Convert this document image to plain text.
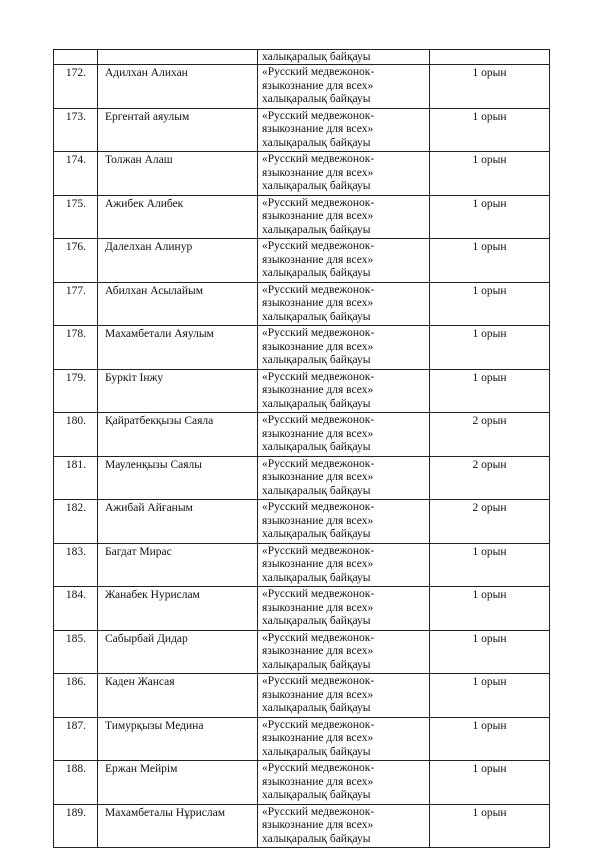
		халықаралық байқауы	

172.	Адилхан Алихан	«Русский медвежонок-
языкознание для всех»
халықаралық байқауы	1 орын
173.	Ергентай аяулым	«Русский медвежонок-
языкознание для всех»
халықаралық байқауы	1 орын
174.	Толжан Алаш	«Русский медвежонок-
языкознание для всех»
халықаралық байқауы	1 орын
175.	Ажибек Алибек	«Русский медвежонок-
языкознание для всех»
халықаралық байқауы	1 орын
176.	Далелхан Алинур	«Русский медвежонок-
языкознание для всех»
халықаралық байқауы	1 орын
177.	Абилхан Асылайым	«Русский медвежонок-
языкознание для всех»
халықаралық байқауы	1 орын
178.	Махамбетали Аяулым	«Русский медвежонок-
языкознание для всех»
халықаралық байқауы	1 орын
179.	Буркіт Інжу	«Русский медвежонок-
языкознание для всех»
халықаралық байқауы	1 орын
180.	Қайратбекқызы Саяла	«Русский медвежонок-
языкознание для всех»
халықаралық байқауы	2 орын
181.	Мауленқызы Саялы	«Русский медвежонок-
языкознание для всех»
халықаралық байқауы	2 орын
182.	Ажибай Айғаным	«Русский медвежонок-
языкознание для всех»
халықаралық байқауы	2 орын
183.	Багдат Мирас	«Русский медвежонок-
языкознание для всех»
халықаралық байқауы	1 орын
184.	Жанабек Нурислам	«Русский медвежонок-
языкознание для всех»
халықаралық байқауы	1 орын
185.	Сабырбай Дидар	«Русский медвежонок-
языкознание для всех»
халықаралық байқауы	1 орын
186.	Каден Жансая	«Русский медвежонок-
языкознание для всех»
халықаралық байқауы	1 орын
187.	Тимурқызы Медина	«Русский медвежонок-
языкознание для всех»
халықаралық байқауы	1 орын
188.	Ержан Мейрім	«Русский медвежонок-
языкознание для всех»
халықаралық байқауы	1 орын
189.	Махамбеталы Нұрислам	«Русский медвежонок-
языкознание для всех»
халықаралық байқауы	1 орын
